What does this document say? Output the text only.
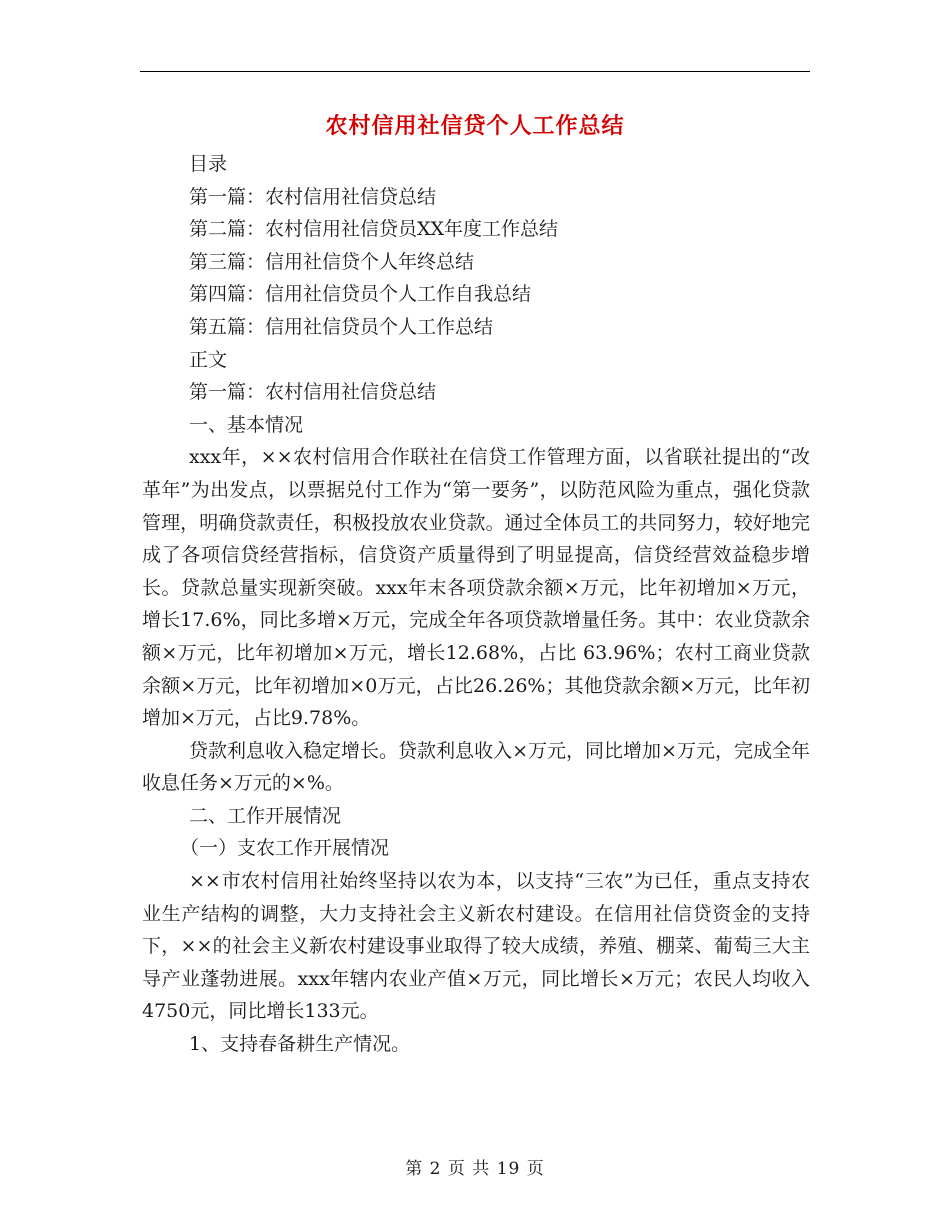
农村信用社信贷个人工作总结
目录
第一篇：农村信用社信贷总结
第二篇：农村信用社信贷员XX年度工作总结
第三篇：信用社信贷个人年终总结
第四篇：信用社信贷员个人工作自我总结
第五篇：信用社信贷员个人工作总结
正文
第一篇：农村信用社信贷总结
一、基本情况
xxx年，××农村信用合作联社在信贷工作管理方面，以省联社提出的“改革年”为出发点，以票据兑付工作为“第一要务”，以防范风险为重点，强化贷款管理，明确贷款责任，积极投放农业贷款。通过全体员工的共同努力，较好地完成了各项信贷经营指标，信贷资产质量得到了明显提高，信贷经营效益稳步增长。贷款总量实现新突破。xxx年末各项贷款余额×万元，比年初增加×万元，增长17.6%，同比多增×万元，完成全年各项贷款增量任务。其中：农业贷款余额×万元，比年初增加×万元，增长12.68%，占比 63.96%；农村工商业贷款余额×万元，比年初增加×0万元，占比26.26%；其他贷款余额×万元，比年初增加×万元，占比9.78%。
贷款利息收入稳定增长。贷款利息收入×万元，同比增加×万元，完成全年收息任务×万元的×%。
二、工作开展情况
（一）支农工作开展情况
××市农村信用社始终坚持以农为本，以支持“三农”为已任，重点支持农业生产结构的调整，大力支持社会主义新农村建设。在信用社信贷资金的支持下，××的社会主义新农村建设事业取得了较大成绩，养殖、棚菜、葡萄三大主导产业蓬勃进展。xxx年辖内农业产值×万元，同比增长×万元；农民人均收入4750元，同比增长133元。
1、支持春备耕生产情况。
第 2 页 共 19 页
